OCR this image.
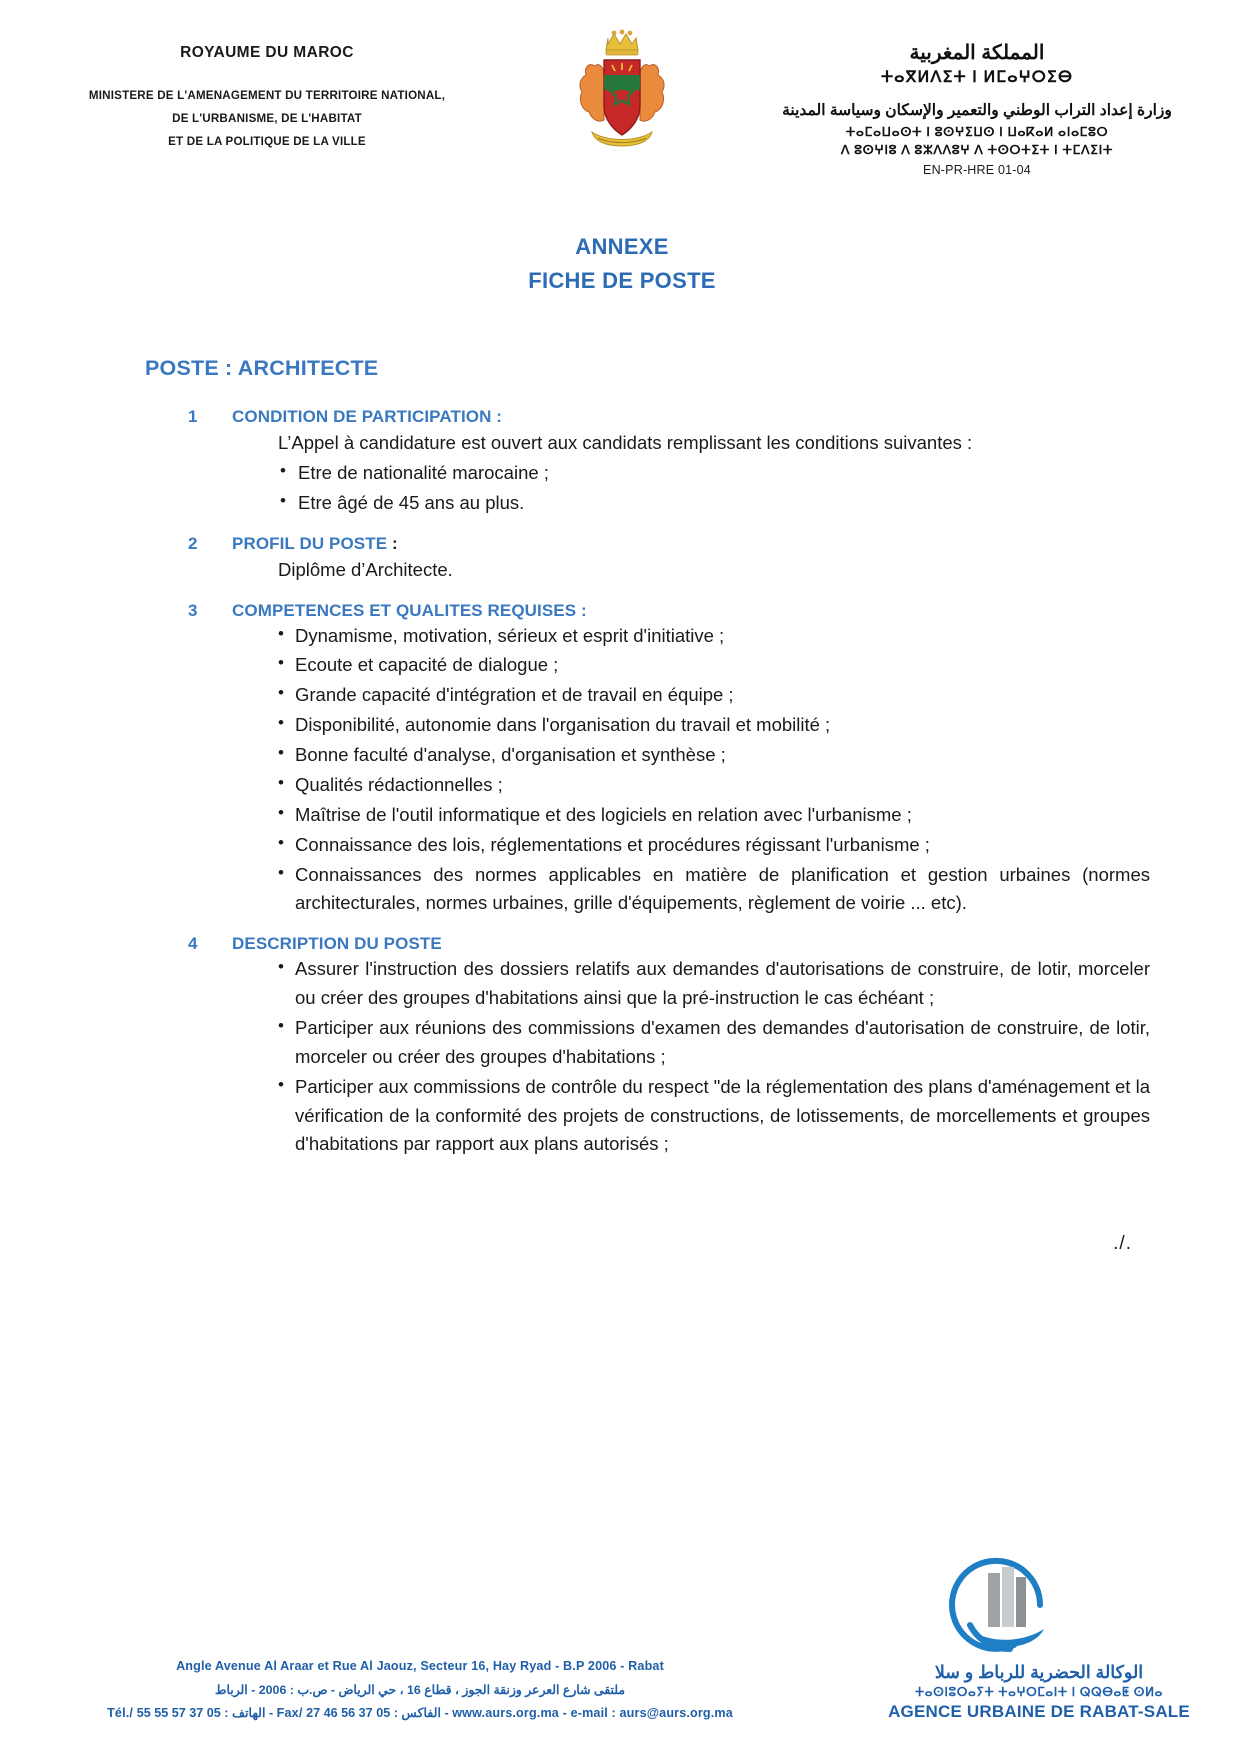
ROYAUME DU MAROC
MINISTERE DE L'AMENAGEMENT DU TERRITOIRE NATIONAL,
DE L'URBANISME, DE L'HABITAT
ET DE LA POLITIQUE DE LA VILLE
المملكة المغربية
ⵜⴰⴳⵍⴷⵉⵜ ⵏ ⵍⵎⴰⵖⵔⵉⴱ
وزارة إعداد التراب الوطني والتعمير والإسكان وسياسة المدينة
ⵜⴰⵎⴰⵡⴰⵙⵜ ⵏ ⵓⵙⵖⵉⵡⵙ ⵏ ⵡⴰⴽⴰⵍ ⴰⵏⴰⵎⵓⵔ
ⴷ ⵓⵙⵖⵏⵓ ⴷ ⵓⵣⴷⴷⵓⵖ ⴷ ⵜⵙⵔⵜⵉⵜ ⵏ ⵜⵎⴷⵉⵏⵜ
EN-PR-HRE 01-04
ANNEXE
FICHE DE POSTE
POSTE : ARCHITECTE
1	CONDITION DE PARTICIPATION :
L’Appel à candidature est ouvert aux candidats remplissant les conditions suivantes :
• Etre de nationalité marocaine ;
• Etre âgé de 45 ans au plus.
2	PROFIL DU POSTE :
Diplôme d’Architecte.
3	COMPETENCES ET QUALITES REQUISES :
• Dynamisme, motivation, sérieux et esprit d'initiative ;
• Ecoute et capacité de dialogue ;
• Grande capacité d'intégration et de travail en équipe ;
• Disponibilité, autonomie dans l'organisation du travail et mobilité ;
• Bonne faculté d'analyse, d'organisation et synthèse ;
• Qualités rédactionnelles ;
• Maîtrise de l'outil informatique et des logiciels en relation avec l'urbanisme ;
• Connaissance des lois, réglementations et procédures régissant l'urbanisme ;
• Connaissances des normes applicables en matière de planification et gestion urbaines (normes architecturales, normes urbaines, grille d'équipements, règlement de voirie ... etc).
4	DESCRIPTION DU POSTE
• Assurer l'instruction des dossiers relatifs aux demandes d'autorisations de construire, de lotir, morceler ou créer des groupes d'habitations ainsi que la pré-instruction le cas échéant ;
• Participer aux réunions des commissions d'examen des demandes d'autorisation de construire, de lotir, morceler ou créer des groupes d'habitations ;
• Participer aux commissions de contrôle du respect "de la réglementation des plans d'aménagement et la vérification de la conformité des projets de constructions, de lotissements, de morcellements et groupes d'habitations par rapport aux plans autorisés ;
./.
Angle Avenue Al Araar et Rue Al Jaouz, Secteur 16, Hay Ryad - B.P 2006 - Rabat
ملتقى شارع العرعر وزنقة الجوز ، قطاع 16 ، حي الرياض - ص.ب : 2006 - الرباط
Tél./ الهاتف : 05 37 57 55 55 - Fax/ الفاكس : 05 37 56 46 27 - www.aurs.org.ma - e-mail : aurs@aurs.org.ma
الوكالة الحضرية للرباط و سلا
ⵜⴰⵙⵏⵓⵔⴰⵢⵜ ⵜⴰⵖⵔⵎⴰⵏⵜ ⵏ ⵕⵕⴱⴰⵟ ⵙⵍⴰ
AGENCE URBAINE DE RABAT-SALE
